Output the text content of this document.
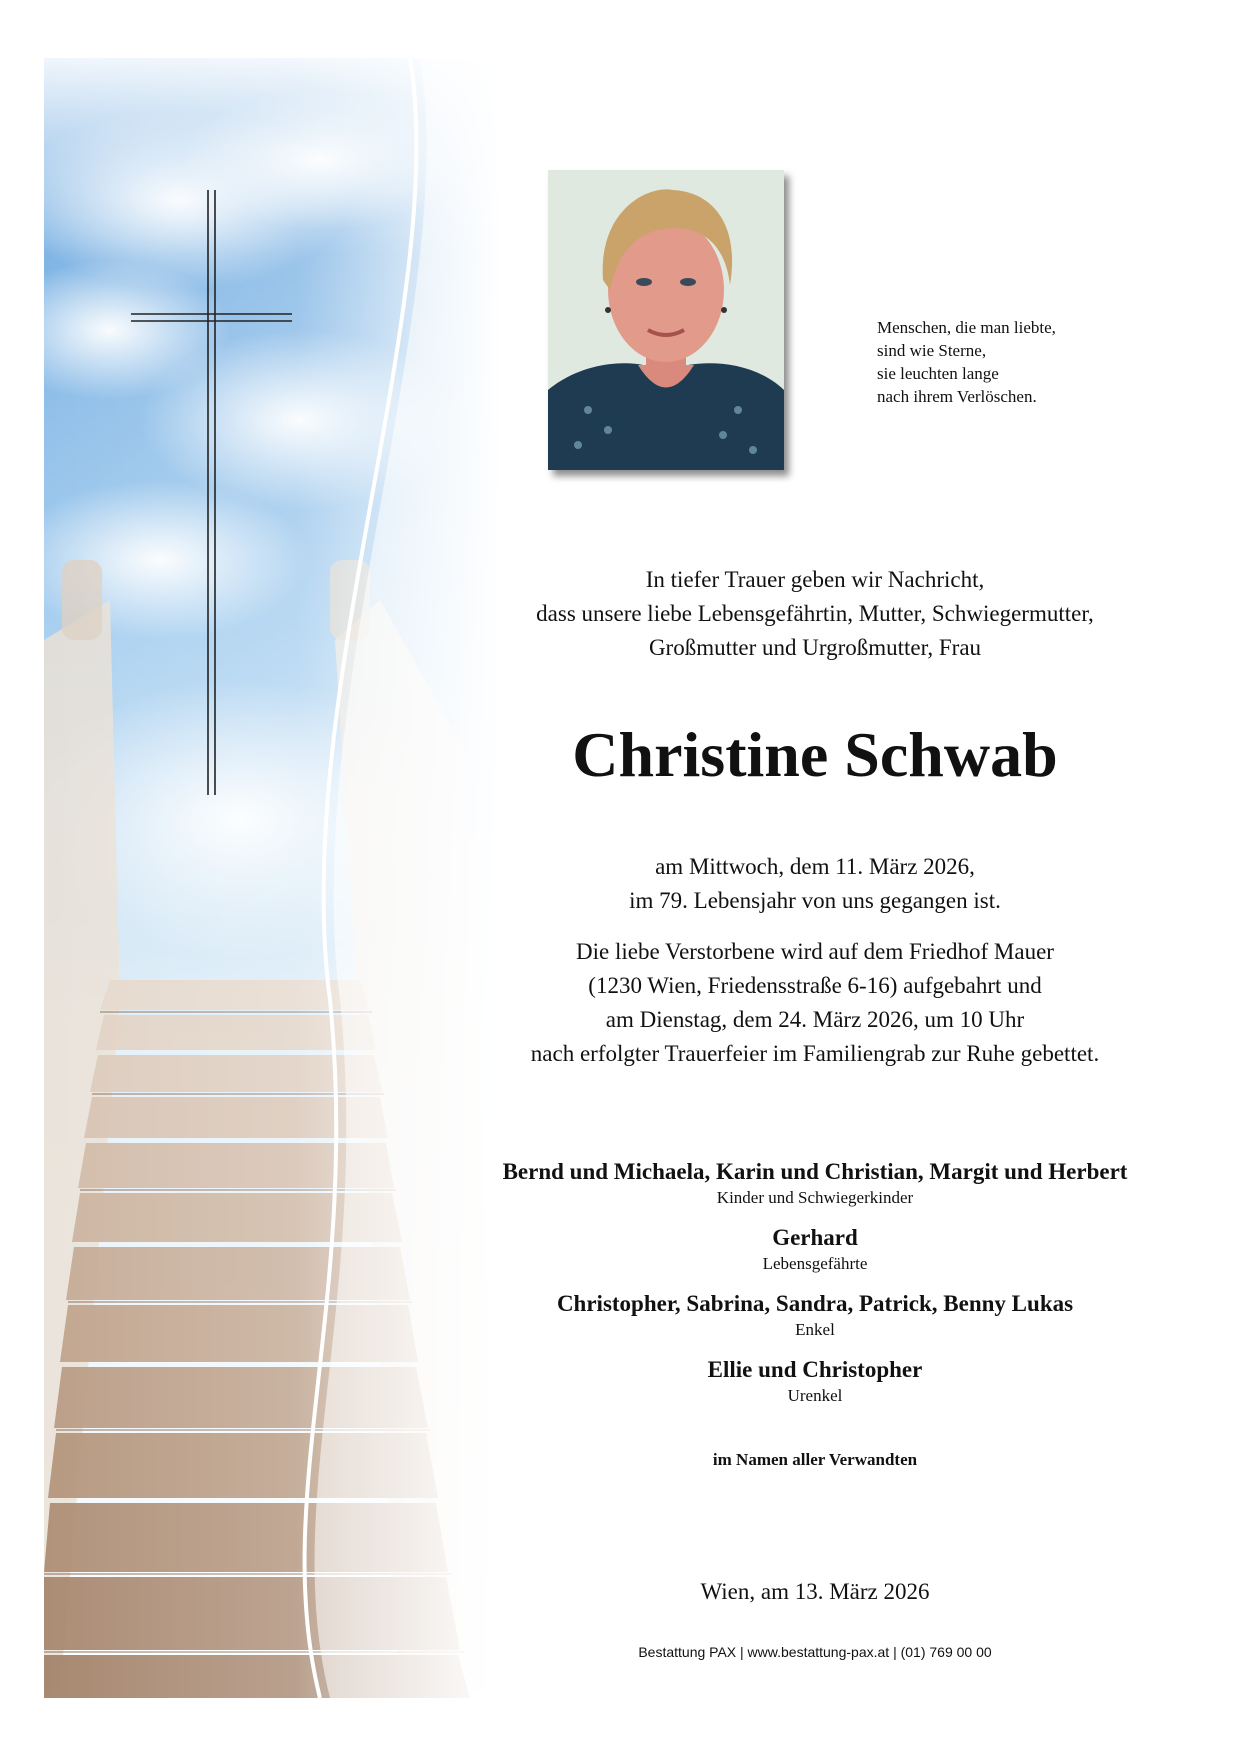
Menschen, die man liebte,
sind wie Sterne,
sie leuchten lange
nach ihrem Verlöschen.
In tiefer Trauer geben wir Nachricht,
dass unsere liebe Lebensgefährtin, Mutter, Schwiegermutter,
Großmutter und Urgroßmutter, Frau
Christine Schwab
am Mittwoch, dem 11. März 2026,
im 79. Lebensjahr von uns gegangen ist.
Die liebe Verstorbene wird auf dem Friedhof Mauer
(1230 Wien, Friedensstraße 6-16) aufgebahrt und
am Dienstag, dem 24. März 2026, um 10 Uhr
nach erfolgter Trauerfeier im Familiengrab zur Ruhe gebettet.
Bernd und Michaela, Karin und Christian, Margit und Herbert
Kinder und Schwiegerkinder
Gerhard
Lebensgefährte
Christopher, Sabrina, Sandra, Patrick, Benny Lukas
Enkel
Ellie und Christopher
Urenkel
im Namen aller Verwandten
Wien, am 13. März 2026
Bestattung PAX | www.bestattung-pax.at | (01) 769 00 00
